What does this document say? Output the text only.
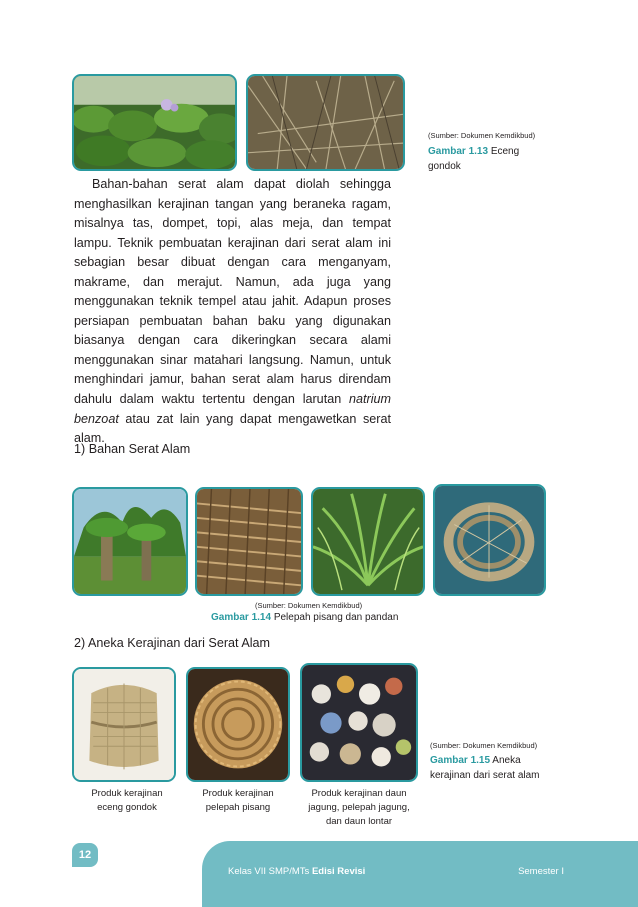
(Sumber: Dokumen Kemdikbud)
Gambar 1.13 Eceng
gondok
Bahan-bahan serat alam dapat diolah sehingga
menghasilkan kerajinan tangan yang beraneka ragam, misalnya tas, dompet, topi, alas meja, dan tempat lampu. Teknik pembuatan kerajinan dari serat alam ini sebagian besar dibuat dengan cara menganyam, makrame, dan merajut. Namun, ada juga yang menggunakan teknik tempel atau jahit. Adapun proses persiapan pembuatan bahan baku yang digunakan biasanya dengan cara dikeringkan secara alami menggunakan sinar matahari langsung. Namun, untuk menghindari jamur, bahan serat alam harus direndam dahulu dalam waktu tertentu dengan larutan natrium benzoat atau zat lain yang dapat mengawetkan serat alam.
1) Bahan Serat Alam
(Sumber: Dokumen Kemdikbud)
Gambar 1.14 Pelepah pisang dan pandan
2) Aneka Kerajinan dari Serat Alam
(Sumber: Dokumen Kemdikbud)
Gambar 1.15 Aneka
kerajinan dari serat alam
Produk kerajinan
eceng gondok
Produk kerajinan
pelepah pisang
Produk kerajinan daun
jagung, pelepah jagung,
dan daun lontar
12
Kelas VII SMP/MTs Edisi Revisi	Semester I
